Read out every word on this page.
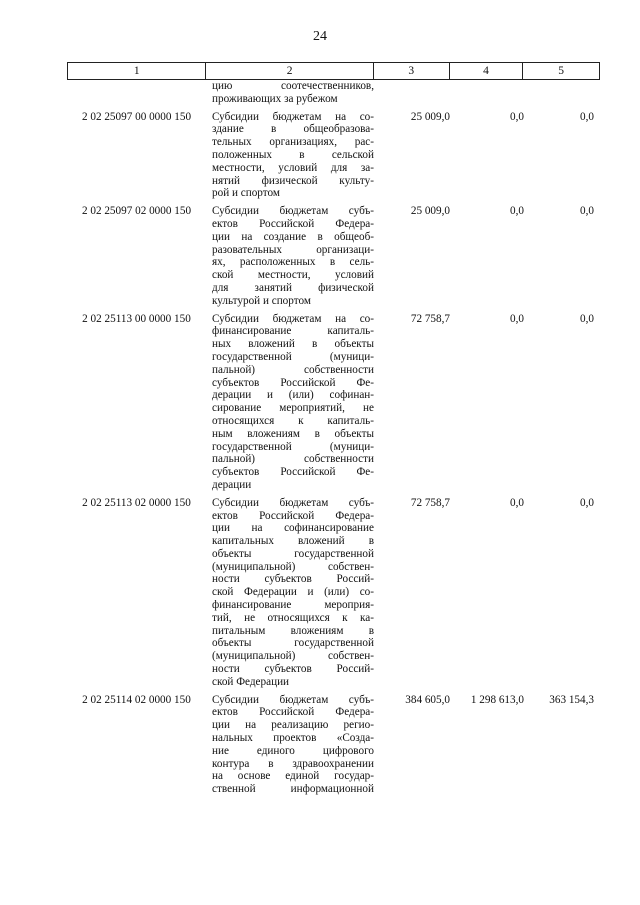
24
1	2	3	4	5
цию соотечественников,
проживающих за рубежом
2 02 25097 00 0000 150	Субсидии бюджетам на со-
здание в общеобразова-
тельных организациях, рас-
положенных в сельской
местности, условий для за-
нятий физической культу-
рой и спортом
25 009,0	0,0	0,0
2 02 25097 02 0000 150	Субсидии бюджетам субъ-
ектов Российской Федера-
ции на создание в общеоб-
разовательных организаци-
ях, расположенных в сель-
ской местности, условий
для занятий физической
культурой и спортом
25 009,0	0,0	0,0
2 02 25113 00 0000 150	Субсидии бюджетам на со-
финансирование капиталь-
ных вложений в объекты
государственной (муници-
пальной) собственности
субъектов Российской Фе-
дерации и (или) софинан-
сирование мероприятий, не
относящихся к капиталь-
ным вложениям в объекты
государственной (муници-
пальной) собственности
субъектов Российской Фе-
дерации
72 758,7	0,0	0,0
2 02 25113 02 0000 150	Субсидии бюджетам субъ-
ектов Российской Федера-
ции на софинансирование
капитальных вложений в
объекты государственной
(муниципальной) собствен-
ности субъектов Россий-
ской Федерации и (или) со-
финансирование мероприя-
тий, не относящихся к ка-
питальным вложениям в
объекты государственной
(муниципальной) собствен-
ности субъектов Россий-
ской Федерации
72 758,7	0,0	0,0
2 02 25114 02 0000 150	Субсидии бюджетам субъ-
ектов Российской Федера-
ции на реализацию регио-
нальных проектов «Созда-
ние единого цифрового
контура в здравоохранении
на основе единой государ-
ственной информационной
384 605,0	1 298 613,0	363 154,3
